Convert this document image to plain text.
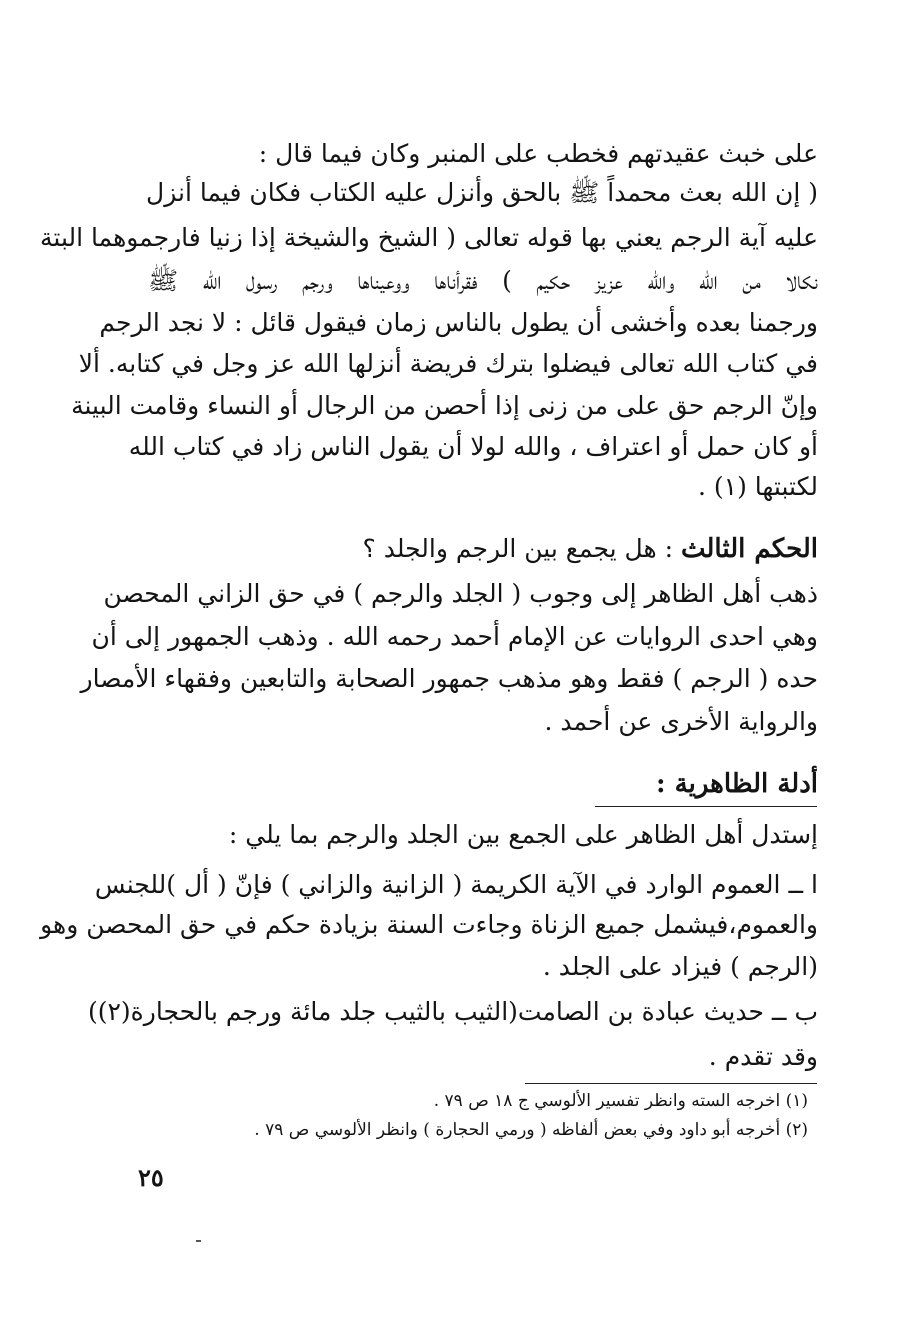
على خبث عقيدتهم فخطب على المنبر وكان فيما قال :
( إن الله بعث محمداً ﷺ بالحق وأنزل عليه الكتاب فكان فيما أنزل
عليه آية الرجم يعني بها قوله تعالى ( الشيخ والشيخة إذا زنيا فارجموهما البتة
نكالا من الله والله عزيز حكيم ) فقرأناها ووعيناها ورجم رسول الله ﷺ
ورجمنا بعده وأخشى أن يطول بالناس زمان فيقول قائل : لا نجد الرجم
في كتاب الله تعالى فيضلوا بترك فريضة أنزلها الله عز وجل في كتابه. ألا
وإنّ الرجم حق على من زنى إذا أحصن من الرجال أو النساء وقامت البينة
أو كان حمل أو اعتراف ، والله لولا أن يقول الناس زاد في كتاب الله
لكتبتها (١) .
الحكم الثالث : هل يجمع بين الرجم والجلد ؟
ذهب أهل الظاهر إلى وجوب ( الجلد والرجم ) في حق الزاني المحصن
وهي احدى الروايات عن الإمام أحمد رحمه الله . وذهب الجمهور إلى أن
حده ( الرجم ) فقط وهو مذهب جمهور الصحابة والتابعين وفقهاء الأمصار
والرواية الأخرى عن أحمد .
أدلة الظاهرية :
إستدل أهل الظاهر على الجمع بين الجلد والرجم بما يلي :
ا ــ العموم الوارد في الآية الكريمة ( الزانية والزاني ) فإنّ ( أل )للجنس
والعموم،فيشمل جميع الزناة وجاءت السنة بزيادة حكم في حق المحصن وهو
(الرجم ) فيزاد على الجلد .
ب ــ حديث عبادة بن الصامت(الثيب بالثيب جلد مائة ورجم بالحجارة(٢))
وقد تقدم .
(١) اخرجه السته وانظر تفسير الألوسي ج ١٨ ص ٧٩ .
(٢) أخرجه أبو داود وفي بعض ألفاظه ( ورمي الحجارة ) وانظر الألوسي ص ٧٩ .
٢٥
